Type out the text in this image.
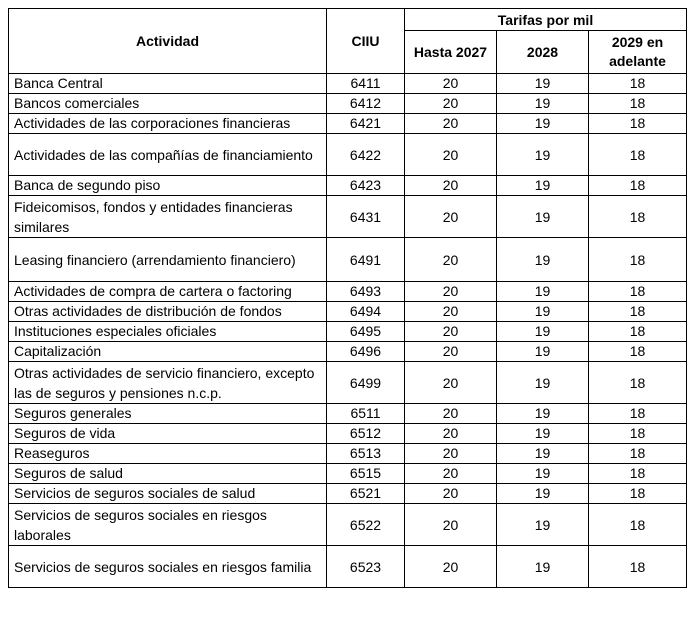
Actividad	CIIU	Tarifas por mil		
		Hasta 2027	2028	2029 en adelante
Banca Central	6411	20	19	18
Bancos comerciales	6412	20	19	18
Actividades de las corporaciones financieras	6421	20	19	18
Actividades de las compañías de financiamiento	6422	20	19	18
Banca de segundo piso	6423	20	19	18
Fideicomisos, fondos y entidades financieras similares	6431	20	19	18
Leasing financiero (arrendamiento financiero)	6491	20	19	18
Actividades de compra de cartera o factoring	6493	20	19	18
Otras actividades de distribución de fondos	6494	20	19	18
Instituciones especiales oficiales	6495	20	19	18
Capitalización	6496	20	19	18
Otras actividades de servicio financiero, excepto las de seguros y pensiones n.c.p.	6499	20	19	18
Seguros generales	6511	20	19	18
Seguros de vida	6512	20	19	18
Reaseguros	6513	20	19	18
Seguros de salud	6515	20	19	18
Servicios de seguros sociales de salud	6521	20	19	18
Servicios de seguros sociales en riesgos laborales	6522	20	19	18
Servicios de seguros sociales en riesgos familia	6523	20	19	18
